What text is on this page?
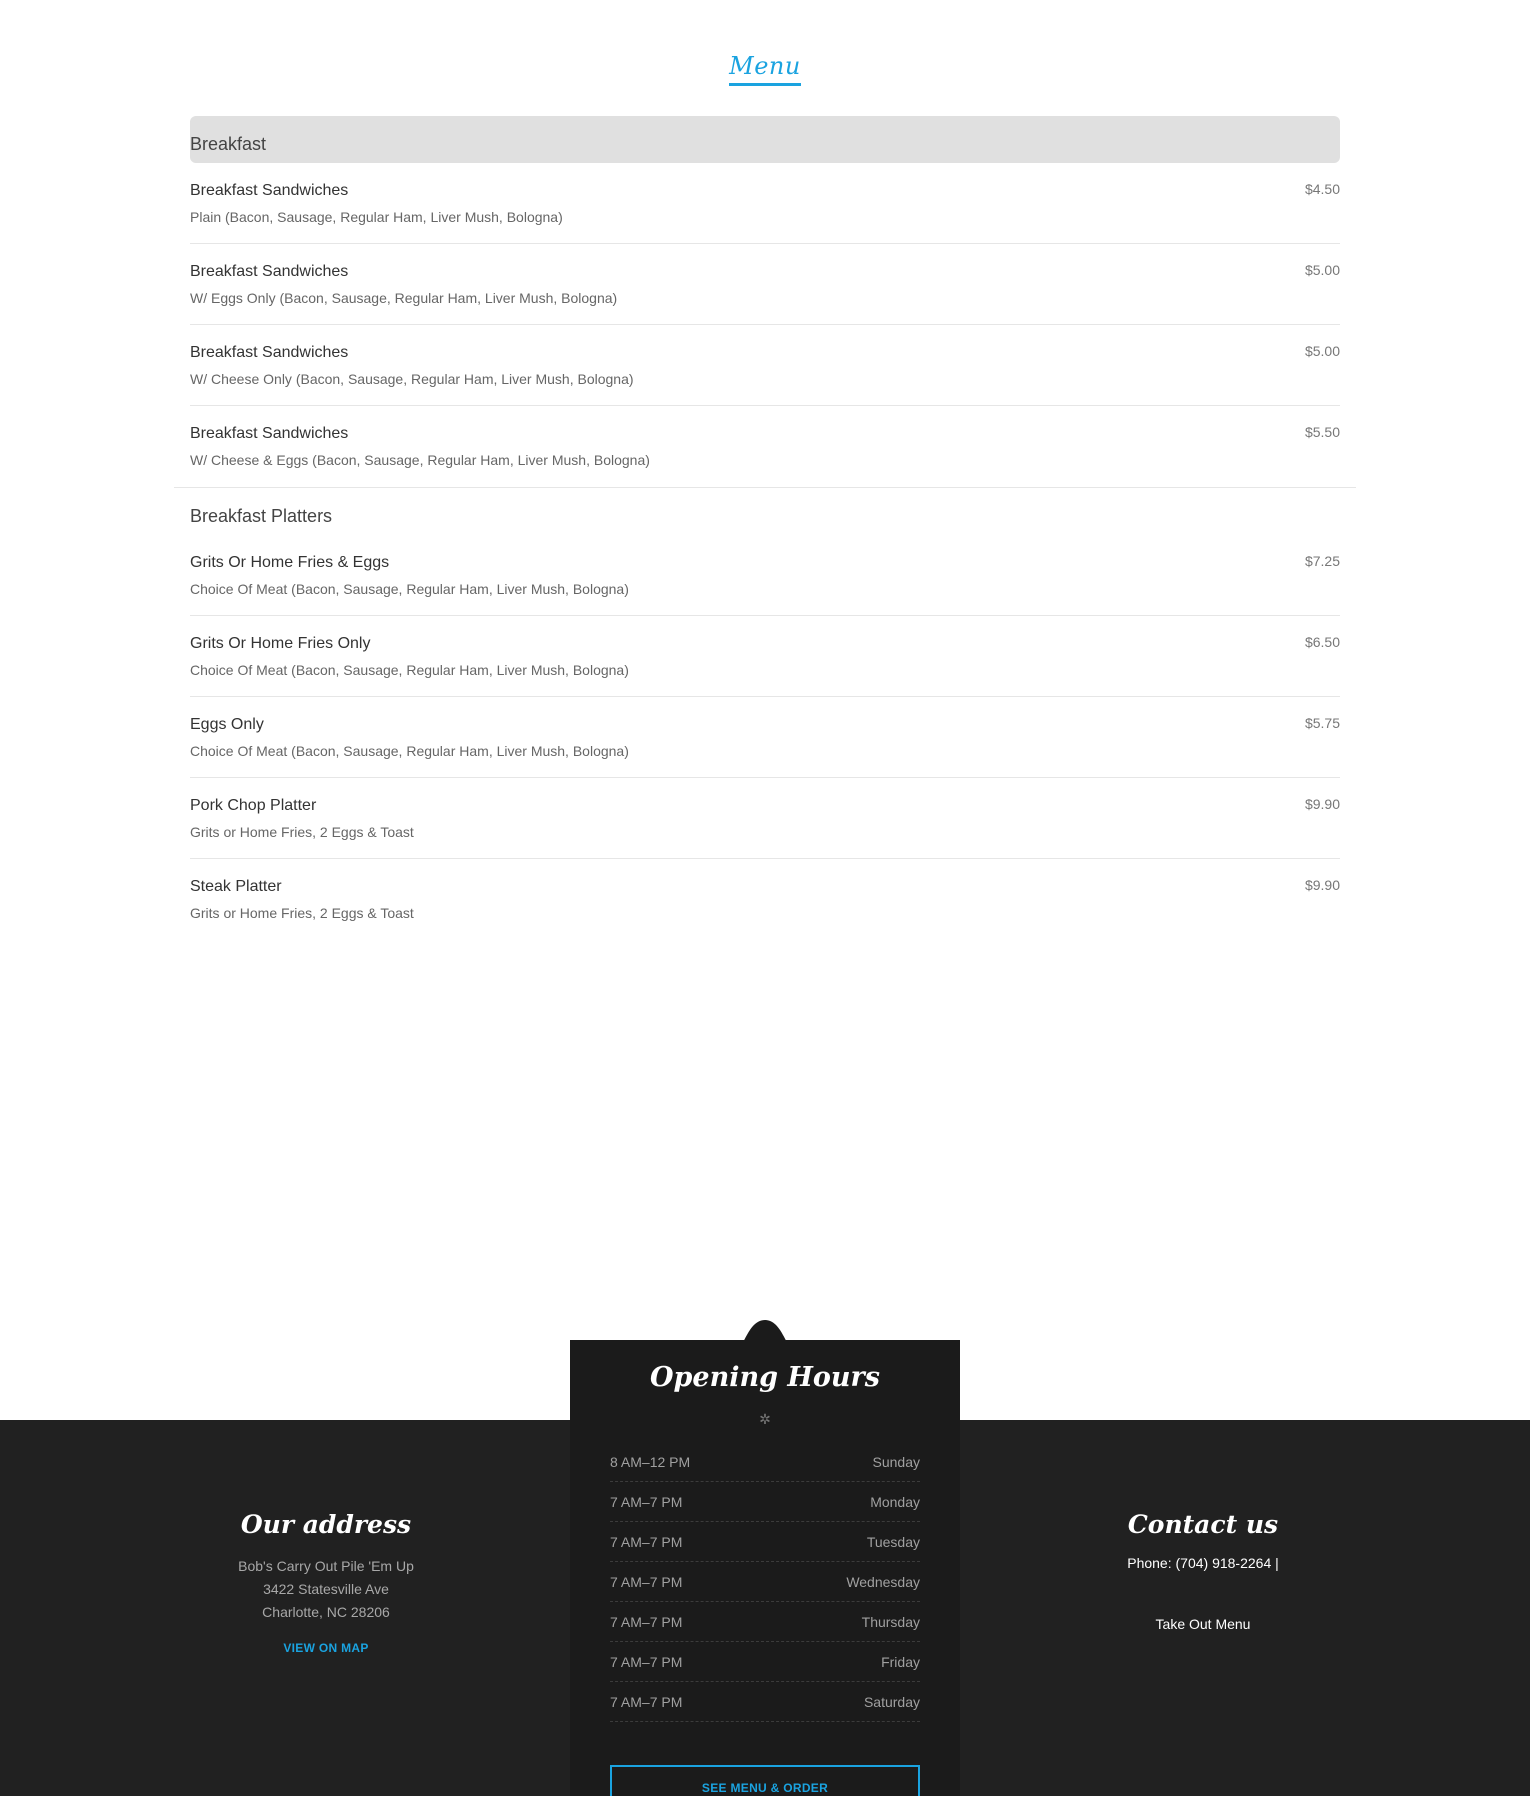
Menu
Breakfast
Breakfast Sandwiches
Plain (Bacon, Sausage, Regular Ham, Liver Mush, Bologna)
$4.50
Breakfast Sandwiches
W/ Eggs Only (Bacon, Sausage, Regular Ham, Liver Mush, Bologna)
$5.00
Breakfast Sandwiches
W/ Cheese Only (Bacon, Sausage, Regular Ham, Liver Mush, Bologna)
$5.00
Breakfast Sandwiches
W/ Cheese & Eggs (Bacon, Sausage, Regular Ham, Liver Mush, Bologna)
$5.50
Breakfast Platters
Grits Or Home Fries & Eggs
Choice Of Meat (Bacon, Sausage, Regular Ham, Liver Mush, Bologna)
$7.25
Grits Or Home Fries Only
Choice Of Meat (Bacon, Sausage, Regular Ham, Liver Mush, Bologna)
$6.50
Eggs Only
Choice Of Meat (Bacon, Sausage, Regular Ham, Liver Mush, Bologna)
$5.75
Pork Chop Platter
Grits or Home Fries, 2 Eggs & Toast
$9.90
Steak Platter
Grits or Home Fries, 2 Eggs & Toast
$9.90
Our address
Bob's Carry Out Pile 'Em Up
3422 Statesville Ave
Charlotte, NC 28206
VIEW ON MAP
Opening Hours
✲
8 AM–12 PM	Sunday
7 AM–7 PM	Monday
7 AM–7 PM	Tuesday
7 AM–7 PM	Wednesday
7 AM–7 PM	Thursday
7 AM–7 PM	Friday
7 AM–7 PM	Saturday
SEE MENU & ORDER
Contact us
Phone: (704) 918-2264 |
Take Out Menu
